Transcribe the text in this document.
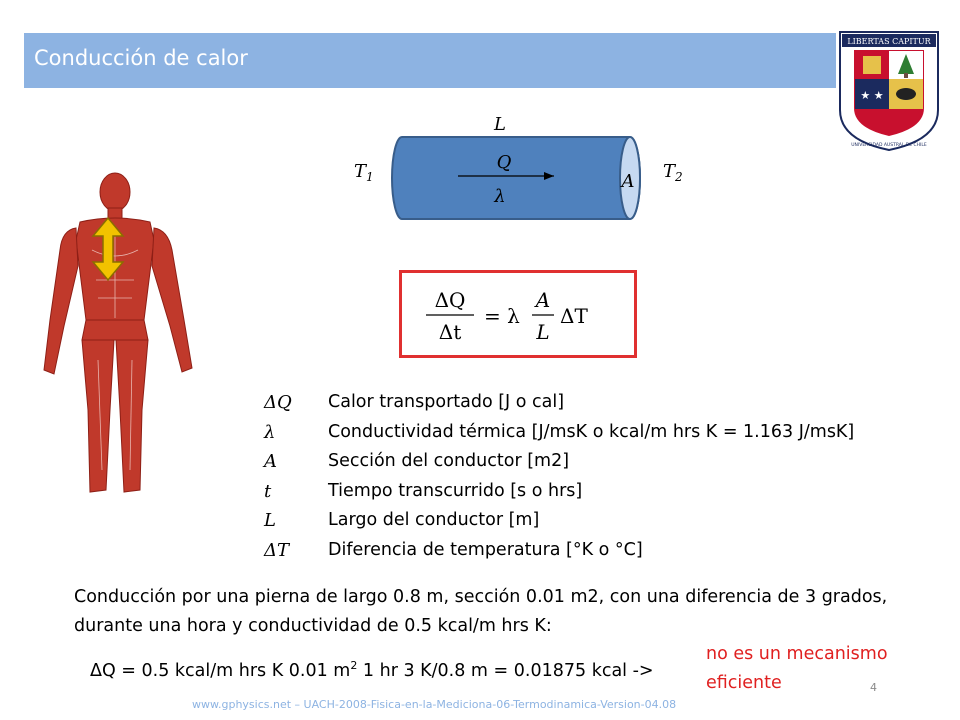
Conducción de calor
LIBERTAS CAPITUR
★ ★
UNIVERSIDAD AUSTRAL DE CHILE
L
$T_1$	$T_2$
Q
λ
A
ΔQ
Δt
= λ
A
L
ΔT
ΔQ	Calor transportado [J o cal]
λ	Conductividad térmica [J/msK o kcal/m hrs K = 1.163 J/msK]
A	Sección del conductor [m2]
t	Tiempo transcurrido [s o hrs]
L	Largo del conductor [m]
ΔT	Diferencia de temperatura [°K o °C]
Conducción por una pierna de largo 0.8 m, sección 0.01 m2, con una diferencia de 3 grados, durante una hora y conductividad de 0.5 kcal/m hrs K:
ΔQ = 0.5 kcal/m hrs K 0.01 $m^2$ 1 hr 3 K/0.8 m = 0.01875 kcal ->
no es un mecanismo eficiente	4
www.gphysics.net – UACH-2008-Fisica-en-la-Mediciona-06-Termodinamica-Version-04.08
